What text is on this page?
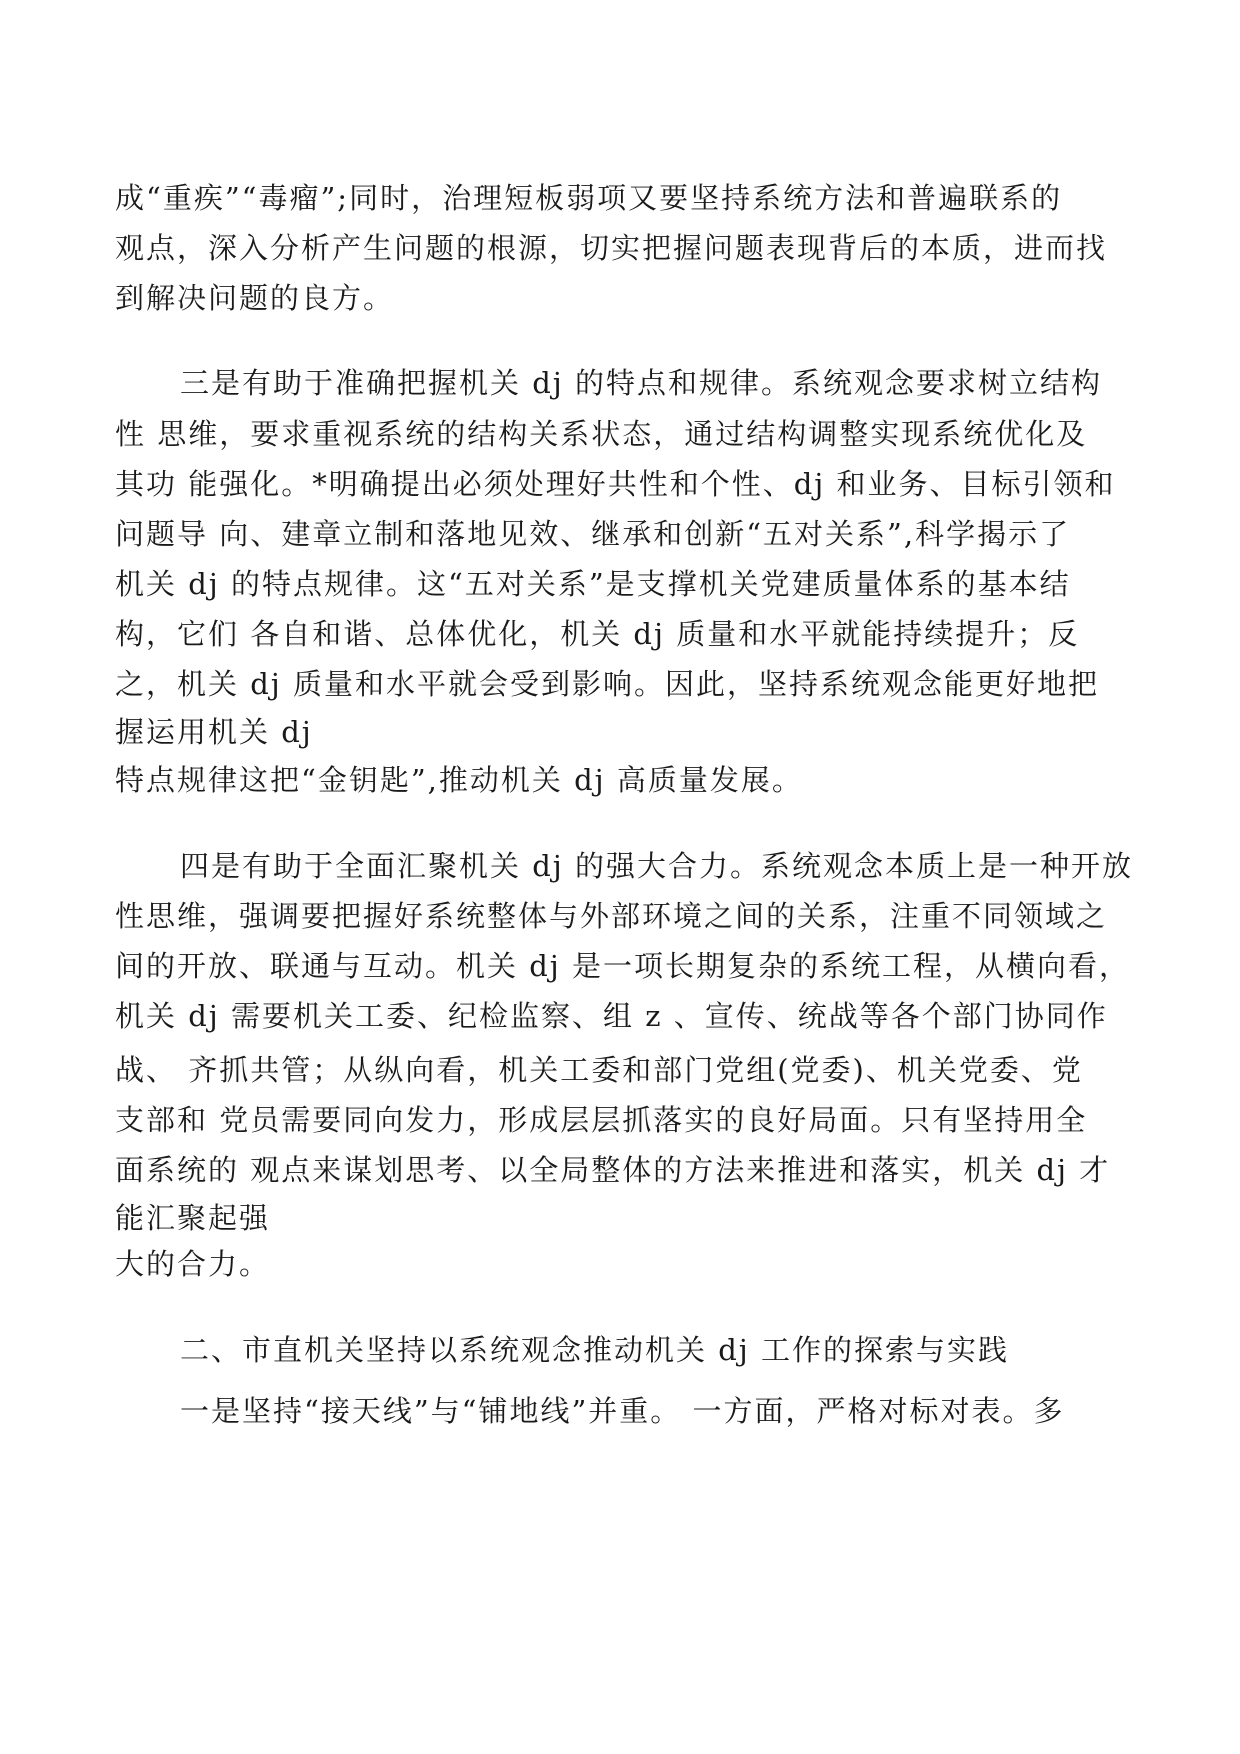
成“重疾”“毒瘤”;同时，治理短板弱项又要坚持系统方法和普遍联系的
观点，深入分析产生问题的根源，切实把握问题表现背后的本质，进而找
到解决问题的良方。
三是有助于准确把握机关 dj 的特点和规律。系统观念要求树立结构
性 思维，要求重视系统的结构关系状态，通过结构调整实现系统优化及
其功 能强化。*明确提出必须处理好共性和个性、dj 和业务、目标引领和
问题导 向、建章立制和落地见效、继承和创新“五对关系”,科学揭示了
机关 dj 的特点规律。这“五对关系”是支撑机关党建质量体系的基本结
构，它们 各自和谐、总体优化，机关 dj 质量和水平就能持续提升；反
之，机关 dj 质量和水平就会受到影响。因此，坚持系统观念能更好地把
握运用机关 dj
特点规律这把“金钥匙”,推动机关 dj 高质量发展。
四是有助于全面汇聚机关 dj 的强大合力。系统观念本质上是一种开放
性思维，强调要把握好系统整体与外部环境之间的关系，注重不同领域之
间的开放、联通与互动。机关 dj 是一项长期复杂的系统工程，从横向看，
机关 dj 需要机关工委、纪检监察、组 z 、宣传、统战等各个部门协同作
战、 齐抓共管；从纵向看，机关工委和部门党组(党委)、机关党委、党
支部和 党员需要同向发力，形成层层抓落实的良好局面。只有坚持用全
面系统的 观点来谋划思考、以全局整体的方法来推进和落实，机关 dj 才
能汇聚起强
大的合力。
二、市直机关坚持以系统观念推动机关 dj 工作的探索与实践
一是坚持“接天线”与“铺地线”并重。 一方面，严格对标对表。多
